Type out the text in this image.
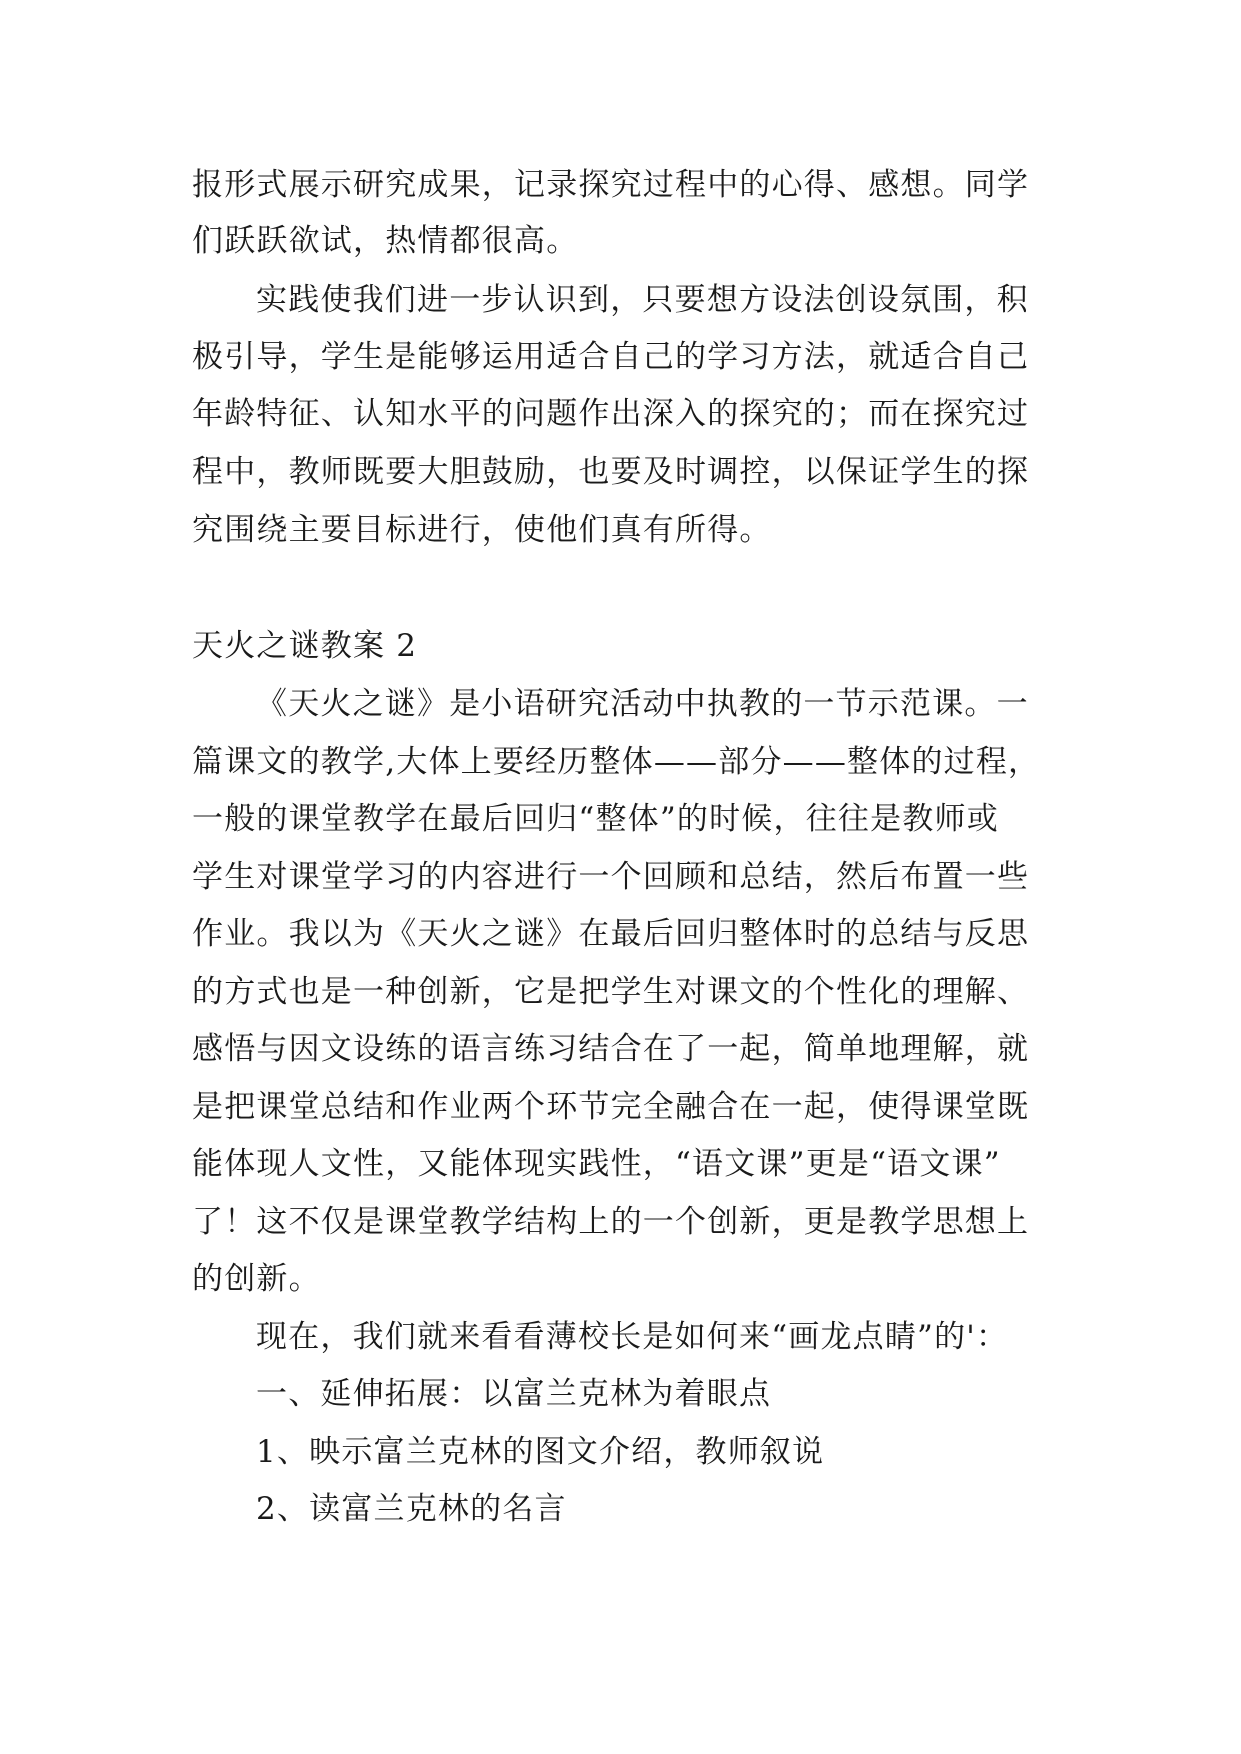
报形式展示研究成果，记录探究过程中的心得、感想。同学
们跃跃欲试，热情都很高。
实践使我们进一步认识到，只要想方设法创设氛围，积
极引导，学生是能够运用适合自己的学习方法，就适合自己
年龄特征、认知水平的问题作出深入的探究的；而在探究过
程中，教师既要大胆鼓励，也要及时调控，以保证学生的探
究围绕主要目标进行，使他们真有所得。
天火之谜教案 2
《天火之谜》是小语研究活动中执教的一节示范课。一
篇课文的教学,大体上要经历整体——部分——整体的过程，
一般的课堂教学在最后回归“整体”的时候，往往是教师或
学生对课堂学习的内容进行一个回顾和总结，然后布置一些
作业。我以为《天火之谜》在最后回归整体时的总结与反思
的方式也是一种创新，它是把学生对课文的个性化的理解、
感悟与因文设练的语言练习结合在了一起，简单地理解，就
是把课堂总结和作业两个环节完全融合在一起，使得课堂既
能体现人文性，又能体现实践性，“语文课”更是“语文课”
了！这不仅是课堂教学结构上的一个创新，更是教学思想上
的创新。
现在，我们就来看看薄校长是如何来“画龙点睛”的'：
一、延伸拓展：以富兰克林为着眼点
1、映示富兰克林的图文介绍，教师叙说
2、读富兰克林的名言
